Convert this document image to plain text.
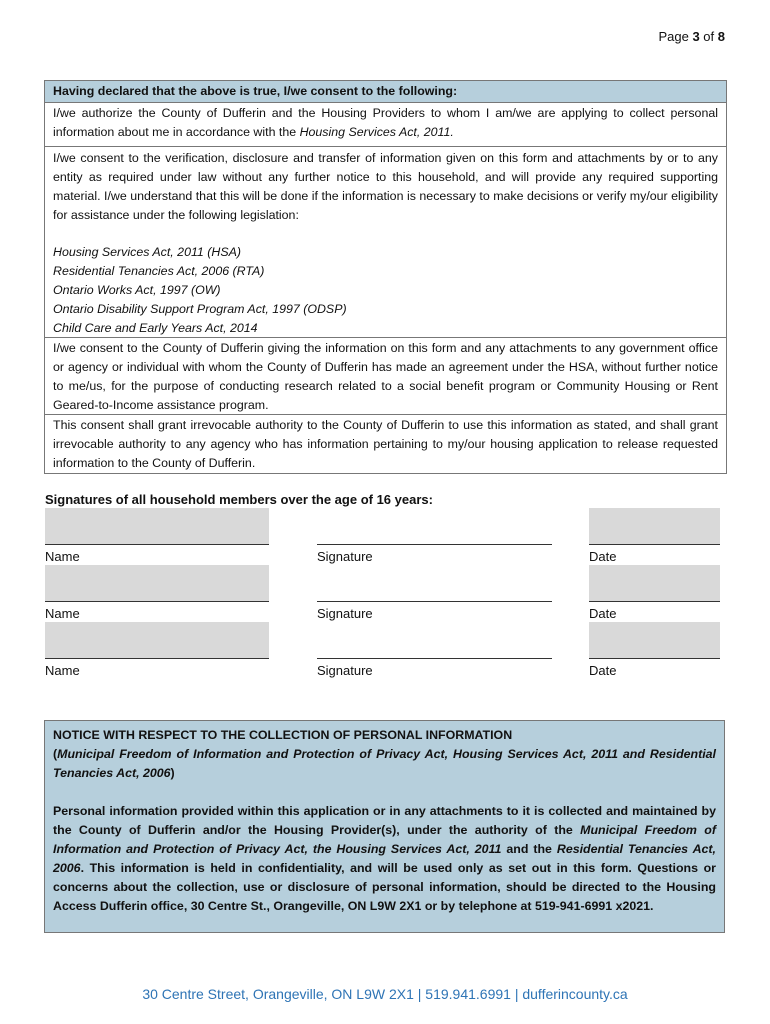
Page 3 of 8
Having declared that the above is true, I/we consent to the following:
I/we authorize the County of Dufferin and the Housing Providers to whom I am/we are applying to collect personal information about me in accordance with the Housing Services Act, 2011.
I/we consent to the verification, disclosure and transfer of information given on this form and attachments by or to any entity as required under law without any further notice to this household, and will provide any required supporting material. I/we understand that this will be done if the information is necessary to make decisions or verify my/our eligibility for assistance under the following legislation:
Housing Services Act, 2011 (HSA)
Residential Tenancies Act, 2006 (RTA)
Ontario Works Act, 1997 (OW)
Ontario Disability Support Program Act, 1997 (ODSP)
Child Care and Early Years Act, 2014
I/we consent to the County of Dufferin giving the information on this form and any attachments to any government office or agency or individual with whom the County of Dufferin has made an agreement under the HSA, without further notice to me/us, for the purpose of conducting research related to a social benefit program or Community Housing or Rent Geared-to-Income assistance program.
This consent shall grant irrevocable authority to the County of Dufferin to use this information as stated, and shall grant irrevocable authority to any agency who has information pertaining to my/our housing application to release requested information to the County of Dufferin.
Signatures of all household members over the age of 16 years:
Name	Signature	Date
Name	Signature	Date
Name	Signature	Date

NOTICE WITH RESPECT TO THE COLLECTION OF PERSONAL INFORMATION

(Municipal Freedom of Information and Protection of Privacy Act, Housing Services Act, 2011 and Residential Tenancies Act, 2006)

Personal information provided within this application or in any attachments to it is collected and maintained by the County of Dufferin and/or the Housing Provider(s), under the authority of the Municipal Freedom of Information and Protection of Privacy Act, the Housing Services Act, 2011 and the Residential Tenancies Act, 2006. This information is held in confidentiality, and will be used only as set out in this form. Questions or concerns about the collection, use or disclosure of personal information, should be directed to the Housing Access Dufferin office, 30 Centre St., Orangeville, ON L9W 2X1 or by telephone at 519-941-6991 x2021.

30 Centre Street, Orangeville, ON L9W 2X1 | 519.941.6991 | dufferincounty.ca
